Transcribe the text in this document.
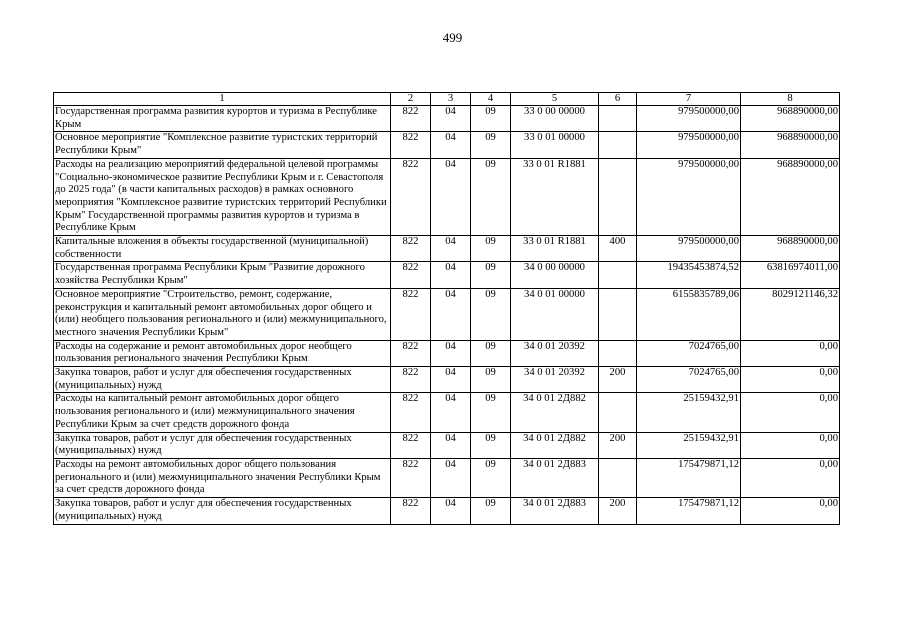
499
1	2	3	4	5	6	7	8
Государственная программа развития курортов и туризма в Республике Крым	822	04	09	33 0 00 00000		979500000,00	968890000,00
Основное мероприятие "Комплексное развитие туристских территорий Республики Крым"	822	04	09	33 0 01 00000		979500000,00	968890000,00
Расходы на реализацию мероприятий федеральной целевой программы "Социально-экономическое развитие Республики Крым и г. Севастополя до 2025 года" (в части капитальных расходов) в рамках основного мероприятия "Комплексное развитие туристских территорий Республики Крым" Государственной программы развития курортов и туризма в Республике Крым	822	04	09	33 0 01 R1881		979500000,00	968890000,00
Капитальные вложения в объекты государственной (муниципальной) собственности	822	04	09	33 0 01 R1881	400	979500000,00	968890000,00
Государственная программа Республики Крым "Развитие дорожного хозяйства Республики Крым"	822	04	09	34 0 00 00000		19435453874,52	63816974011,00
Основное мероприятие "Строительство, ремонт, содержание, реконструкция и капитальный ремонт автомобильных дорог общего и (или) необщего пользования регионального и (или) межмуниципального, местного значения Республики Крым"	822	04	09	34 0 01 00000		6155835789,06	8029121146,32
Расходы на содержание и ремонт автомобильных дорог необщего пользования регионального значения Республики Крым	822	04	09	34 0 01 20392		7024765,00	0,00
Закупка товаров, работ и услуг для обеспечения государственных (муниципальных) нужд	822	04	09	34 0 01 20392	200	7024765,00	0,00
Расходы на капитальный ремонт автомобильных дорог общего пользования регионального и (или) межмуниципального значения Республики Крым за счет средств дорожного фонда	822	04	09	34 0 01 2Д882		25159432,91	0,00
Закупка товаров, работ и услуг для обеспечения государственных (муниципальных) нужд	822	04	09	34 0 01 2Д882	200	25159432,91	0,00
Расходы на ремонт автомобильных дорог общего пользования регионального и (или) межмуниципального значения Республики Крым за счет средств дорожного фонда	822	04	09	34 0 01 2Д883		175479871,12	0,00
Закупка товаров, работ и услуг для обеспечения государственных (муниципальных) нужд	822	04	09	34 0 01 2Д883	200	175479871,12	0,00
